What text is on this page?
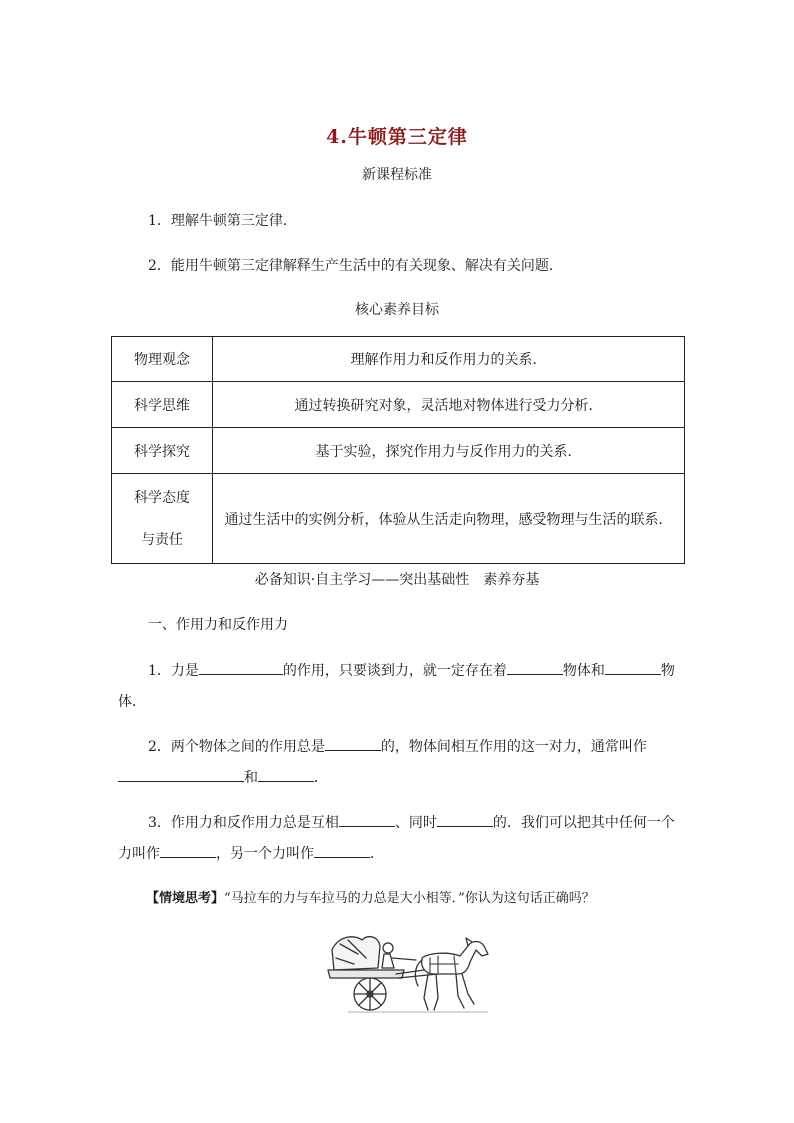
4.牛顿第三定律
新课程标准
1．理解牛顿第三定律．
2．能用牛顿第三定律解释生产生活中的有关现象、解决有关问题．
核心素养目标
物理观念	理解作用力和反作用力的关系．
科学思维	通过转换研究对象，灵活地对物体进行受力分析．
科学探究	基于实验，探究作用力与反作用力的关系．

科学态度
与责任	通过生活中的实例分析，体验从生活走向物理，感受物理与生活的联系．
必备知识·自主学习——突出基础性　素养夯基
一、作用力和反作用力
1．力是	的作用，只要谈到力，就一定存在着	物体和	物
体．
2．两个物体之间的作用总是	的，物体间相互作用的这一对力，通常叫作
和	．
3．作用力和反作用力总是互相	、同时	的．我们可以把其中任何一个
力叫作	，另一个力叫作	．
【情境思考】“马拉车的力与车拉马的力总是大小相等．”你认为这句话正确吗？
